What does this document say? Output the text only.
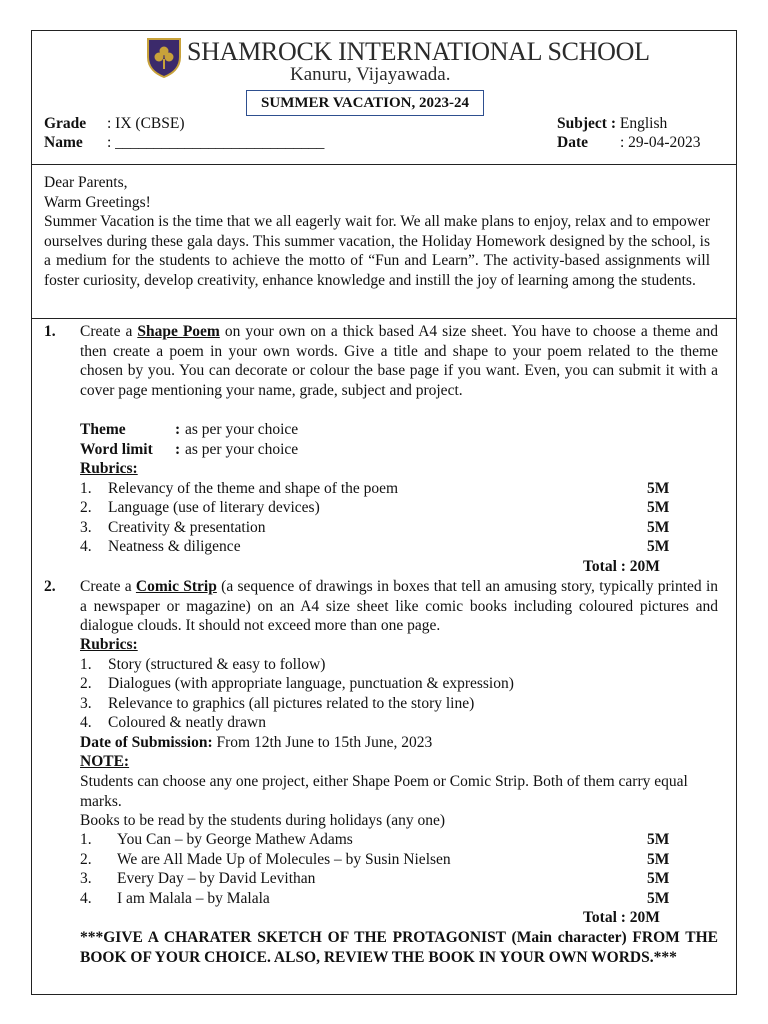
SHAMROCK INTERNATIONAL SCHOOL
Kanuru, Vijayawada.
SUMMER VACATION, 2023-24
Grade : IX (CBSE)
Name : ___________________________
Subject : English
Date : 29-04-2023
Dear Parents,
Warm Greetings!
Summer Vacation is the time that we all eagerly wait for. We all make plans to enjoy, relax and to empower ourselves during these gala days. This summer vacation, the Holiday Homework designed by the school, is a medium for the students to achieve the motto of “Fun and Learn”. The activity-based assignments will foster curiosity, develop creativity, enhance knowledge and instill the joy of learning among the students.
1. Create a Shape Poem on your own on a thick based A4 size sheet. You have to choose a theme and then create a poem in your own words. Give a title and shape to your poem related to the theme chosen by you. You can decorate or colour the base page if you want. Even, you can submit it with a cover page mentioning your name, grade, subject and project.
Theme	: as per your choice
Word limit : as per your choice
Rubrics:
1. Relevancy of the theme and shape of the poem	5M
2. Language (use of literary devices)	5M
3. Creativity & presentation	5M
4. Neatness & diligence	5M
Total : 20M
2. Create a Comic Strip (a sequence of drawings in boxes that tell an amusing story, typically printed in a newspaper or magazine) on an A4 size sheet like comic books including coloured pictures and dialogue clouds. It should not exceed more than one page.
Rubrics:
1. Story (structured & easy to follow)
2. Dialogues (with appropriate language, punctuation & expression)
3. Relevance to graphics (all pictures related to the story line)
4. Coloured & neatly drawn
Date of Submission: From 12th June to 15th June, 2023
NOTE:
Students can choose any one project, either Shape Poem or Comic Strip. Both of them carry equal marks.
Books to be read by the students during holidays (any one)
1. You Can – by George Mathew Adams	5M
2. We are All Made Up of Molecules – by Susin Nielsen	5M
3. Every Day – by David Levithan	5M
4. I am Malala – by Malala	5M
Total : 20M
***GIVE A CHARATER SKETCH OF THE PROTAGONIST (Main character) FROM THE BOOK OF YOUR CHOICE. ALSO, REVIEW THE BOOK IN YOUR OWN WORDS.***
